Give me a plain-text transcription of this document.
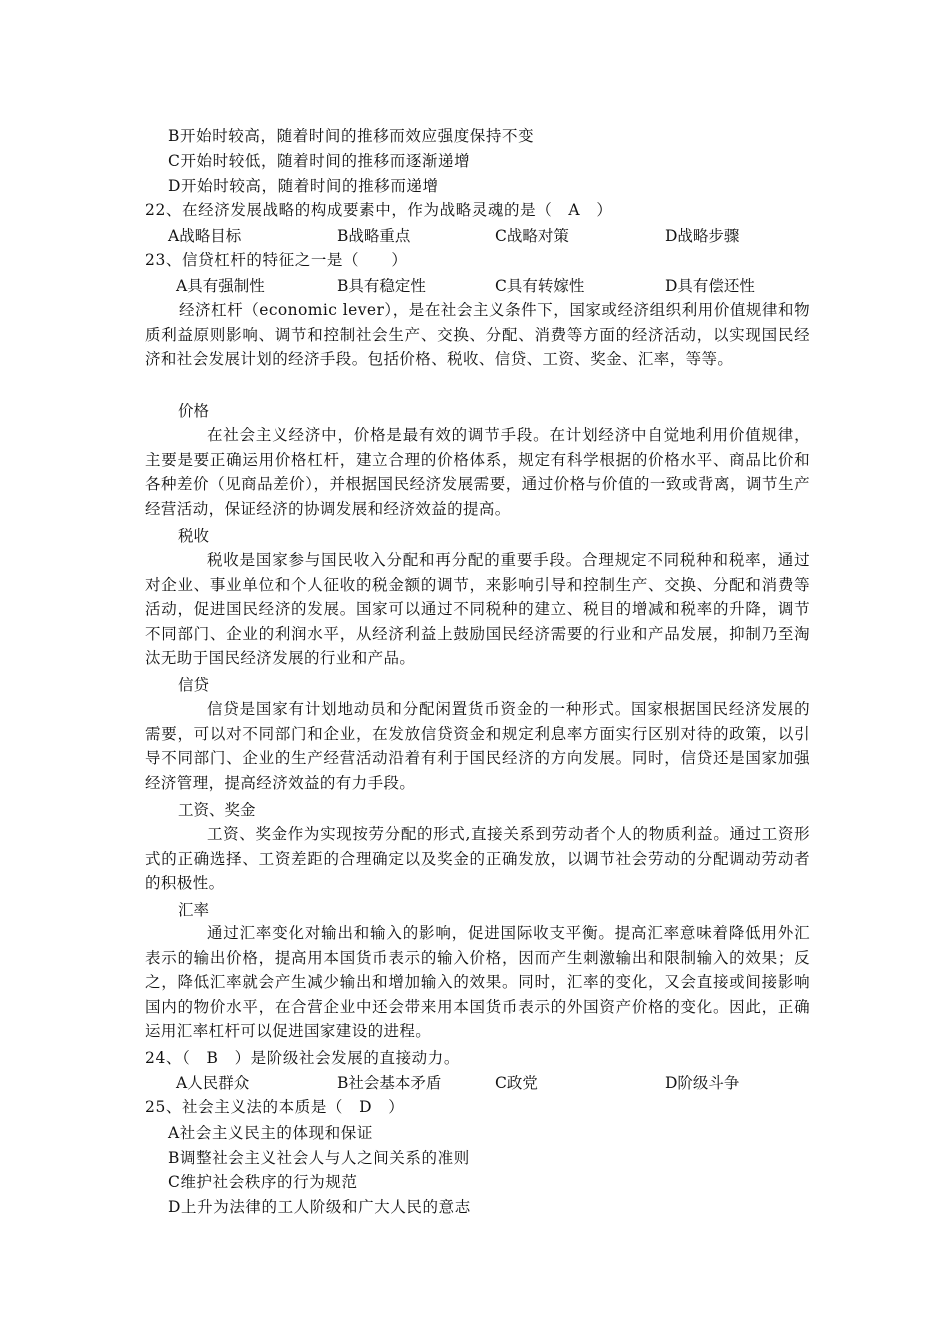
B开始时较高，随着时间的推移而效应强度保持不变
C开始时较低，随着时间的推移而逐渐递增
D开始时较高，随着时间的推移而递增
22、在经济发展战略的构成要素中，作为战略灵魂的是（　A　）
A战略目标	B战略重点	C战略对策	D战略步骤
23、信贷杠杆的特征之一是（　　）
A具有强制性	B具有稳定性	C具有转嫁性	D具有偿还性
经济杠杆（economic lever），是在社会主义条件下，国家或经济组织利用价值规律和物质利益原则影响、调节和控制社会生产、交换、分配、消费等方面的经济活动，以实现国民经济和社会发展计划的经济手段。包括价格、税收、信贷、工资、奖金、汇率，等等。
价格
在社会主义经济中，价格是最有效的调节手段。在计划经济中自觉地利用价值规律，主要是要正确运用价格杠杆，建立合理的价格体系，规定有科学根据的价格水平、商品比价和各种差价（见商品差价），并根据国民经济发展需要，通过价格与价值的一致或背离，调节生产经营活动，保证经济的协调发展和经济效益的提高。
税收
税收是国家参与国民收入分配和再分配的重要手段。合理规定不同税种和税率，通过对企业、事业单位和个人征收的税金额的调节，来影响引导和控制生产、交换、分配和消费等活动，促进国民经济的发展。国家可以通过不同税种的建立、税目的增减和税率的升降，调节不同部门、企业的利润水平，从经济利益上鼓励国民经济需要的行业和产品发展，抑制乃至淘汰无助于国民经济发展的行业和产品。
信贷
信贷是国家有计划地动员和分配闲置货币资金的一种形式。国家根据国民经济发展的需要，可以对不同部门和企业，在发放信贷资金和规定利息率方面实行区别对待的政策，以引导不同部门、企业的生产经营活动沿着有利于国民经济的方向发展。同时，信贷还是国家加强经济管理，提高经济效益的有力手段。
工资、奖金
工资、奖金作为实现按劳分配的形式,直接关系到劳动者个人的物质利益。通过工资形式的正确选择、工资差距的合理确定以及奖金的正确发放，以调节社会劳动的分配调动劳动者的积极性。
汇率
通过汇率变化对输出和输入的影响，促进国际收支平衡。提高汇率意味着降低用外汇表示的输出价格，提高用本国货币表示的输入价格，因而产生刺激输出和限制输入的效果；反之，降低汇率就会产生减少输出和增加输入的效果。同时，汇率的变化，又会直接或间接影响国内的物价水平，在合营企业中还会带来用本国货币表示的外国资产价格的变化。因此，正确运用汇率杠杆可以促进国家建设的进程。
24、（　B　）是阶级社会发展的直接动力。
A人民群众	B社会基本矛盾	C政党	D阶级斗争
25、社会主义法的本质是（　D　）
A社会主义民主的体现和保证
B调整社会主义社会人与人之间关系的准则
C维护社会秩序的行为规范
D上升为法律的工人阶级和广大人民的意志
